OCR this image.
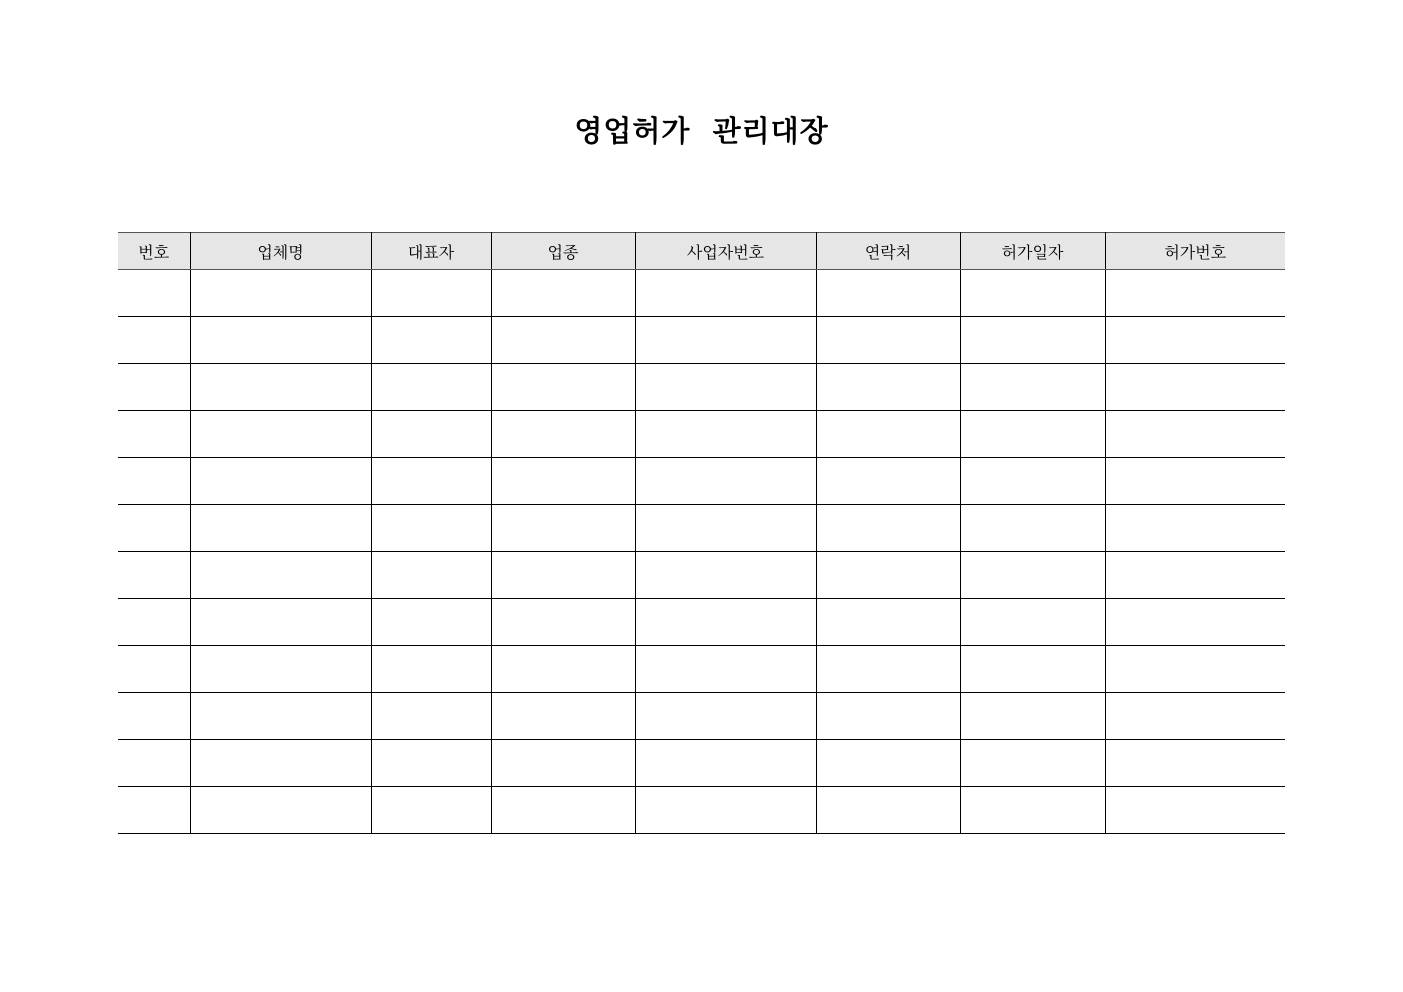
영업허가  관리대장
번호	업체명	대표자	업종	사업자번호	연락처	허가일자	허가번호
